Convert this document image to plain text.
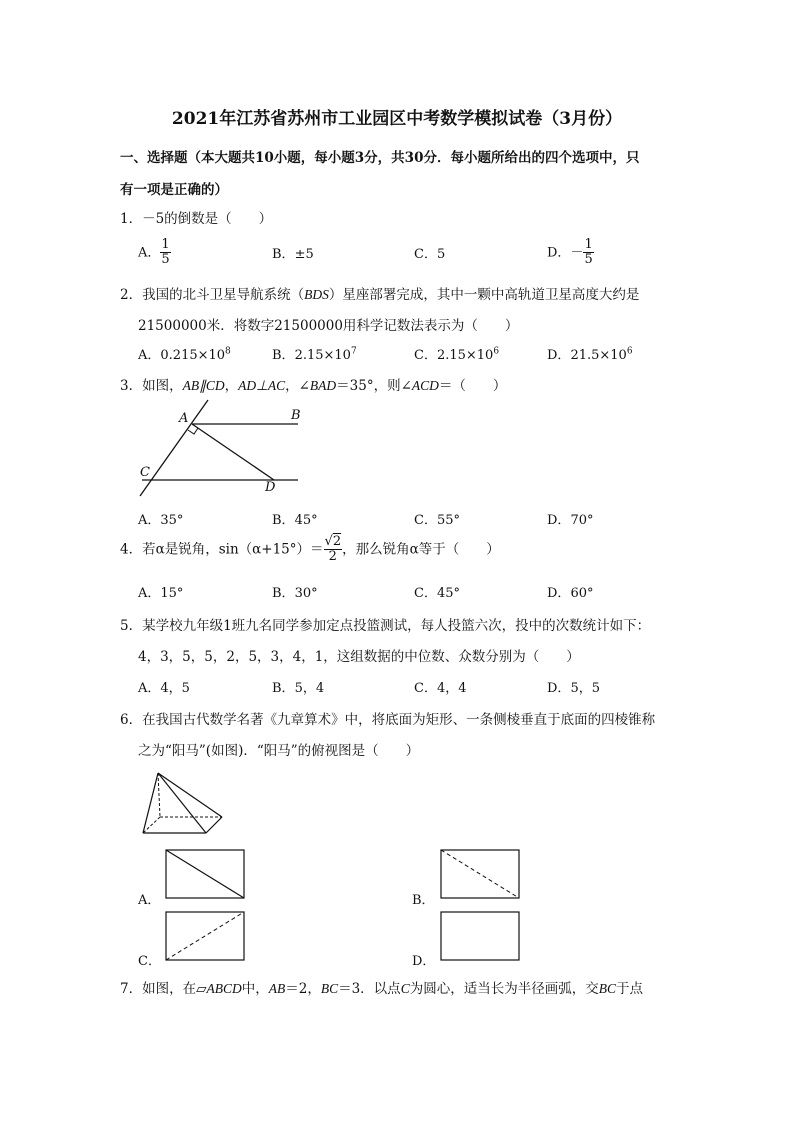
2021年江苏省苏州市工业园区中考数学模拟试卷（3月份）
一、选择题（本大题共10小题，每小题3分，共30分．每小题所给出的四个选项中，只
有一项是正确的）
1．－5的倒数是（　　）
A． $\frac{1}{5}$	B．±5	C．5	D．－ $\frac{1}{5}$
2．我国的北斗卫星导航系统（BDS）星座部署完成，其中一颗中高轨道卫星高度大约是
21500000米．将数字21500000用科学记数法表示为（　　）
A．$0.215\times 10^8$	B．$2.15\times 10^7$	C．$2.15\times 10^6$	D．$21.5\times 10^6$
3．如图，AB∥CD，AD⊥AC，∠BAD＝35°，则∠ACD＝（　　）
A	B
C
D
A．35°	B．45°	C．55°	D．70°
4．若α是锐角，$\sin(\alpha+15^\circ)= \frac{√2}{2}$ ，那么锐角α等于（　　）
A．15°	B．30°	C．45°	D．60°
5．某学校九年级1班九名同学参加定点投篮测试，每人投篮六次，投中的次数统计如下：
4，3，5，5，2，5，3，4，1，这组数据的中位数、众数分别为（　　）
A．4，5	B．5，4	C．4，4	D．5，5
6．在我国古代数学名著《九章算术》中，将底面为矩形、一条侧棱垂直于底面的四棱锥称
之为“阳马”(如图)．“阳马”的俯视图是（　　）
A．	B．
C．	D．
7．如图，在▱ABCD中，AB＝2，BC＝3．以点C为圆心，适当长为半径画弧，交BC于点
